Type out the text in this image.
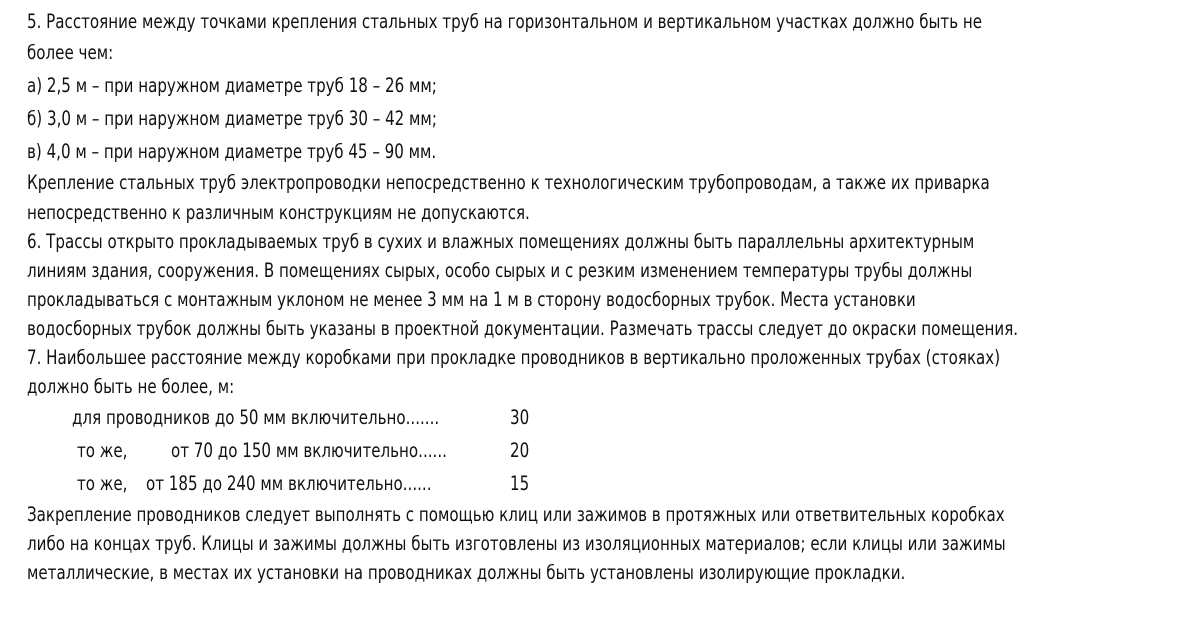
5. Расстояние между точками крепления стальных труб на горизонтальном и вертикальном участках должно быть не
более чем:
а) 2,5 м – при наружном диаметре труб 18 – 26 мм;
б) 3,0 м – при наружном диаметре труб 30 – 42 мм;
в) 4,0 м – при наружном диаметре труб 45 – 90 мм.
Крепление стальных труб электропроводки непосредственно к технологическим трубопроводам, а также их приварка
непосредственно к различным конструкциям не допускаются.
6. Трассы открыто прокладываемых труб в сухих и влажных помещениях должны быть параллельны архитектурным
линиям здания, сооружения. В помещениях сырых, особо сырых и с резким изменением температуры трубы должны
прокладываться с монтажным уклоном не менее 3 мм на 1 м в сторону водосборных трубок. Места установки
водосборных трубок должны быть указаны в проектной документации. Размечать трассы следует до окраски помещения.
7. Наибольшее расстояние между коробками при прокладке проводников в вертикально проложенных трубах (стояках)
должно быть не более, м:
для проводников до 50 мм включительно.......	30
то же, от 70 до 150 мм включительно......	20
то же, от 185 до 240 мм включительно......	15
Закрепление проводников следует выполнять с помощью клиц или зажимов в протяжных или ответвительных коробках
либо на концах труб. Клицы и зажимы должны быть изготовлены из изоляционных материалов; если клицы или зажимы
металлические, в местах их установки на проводниках должны быть установлены изолирующие прокладки.
